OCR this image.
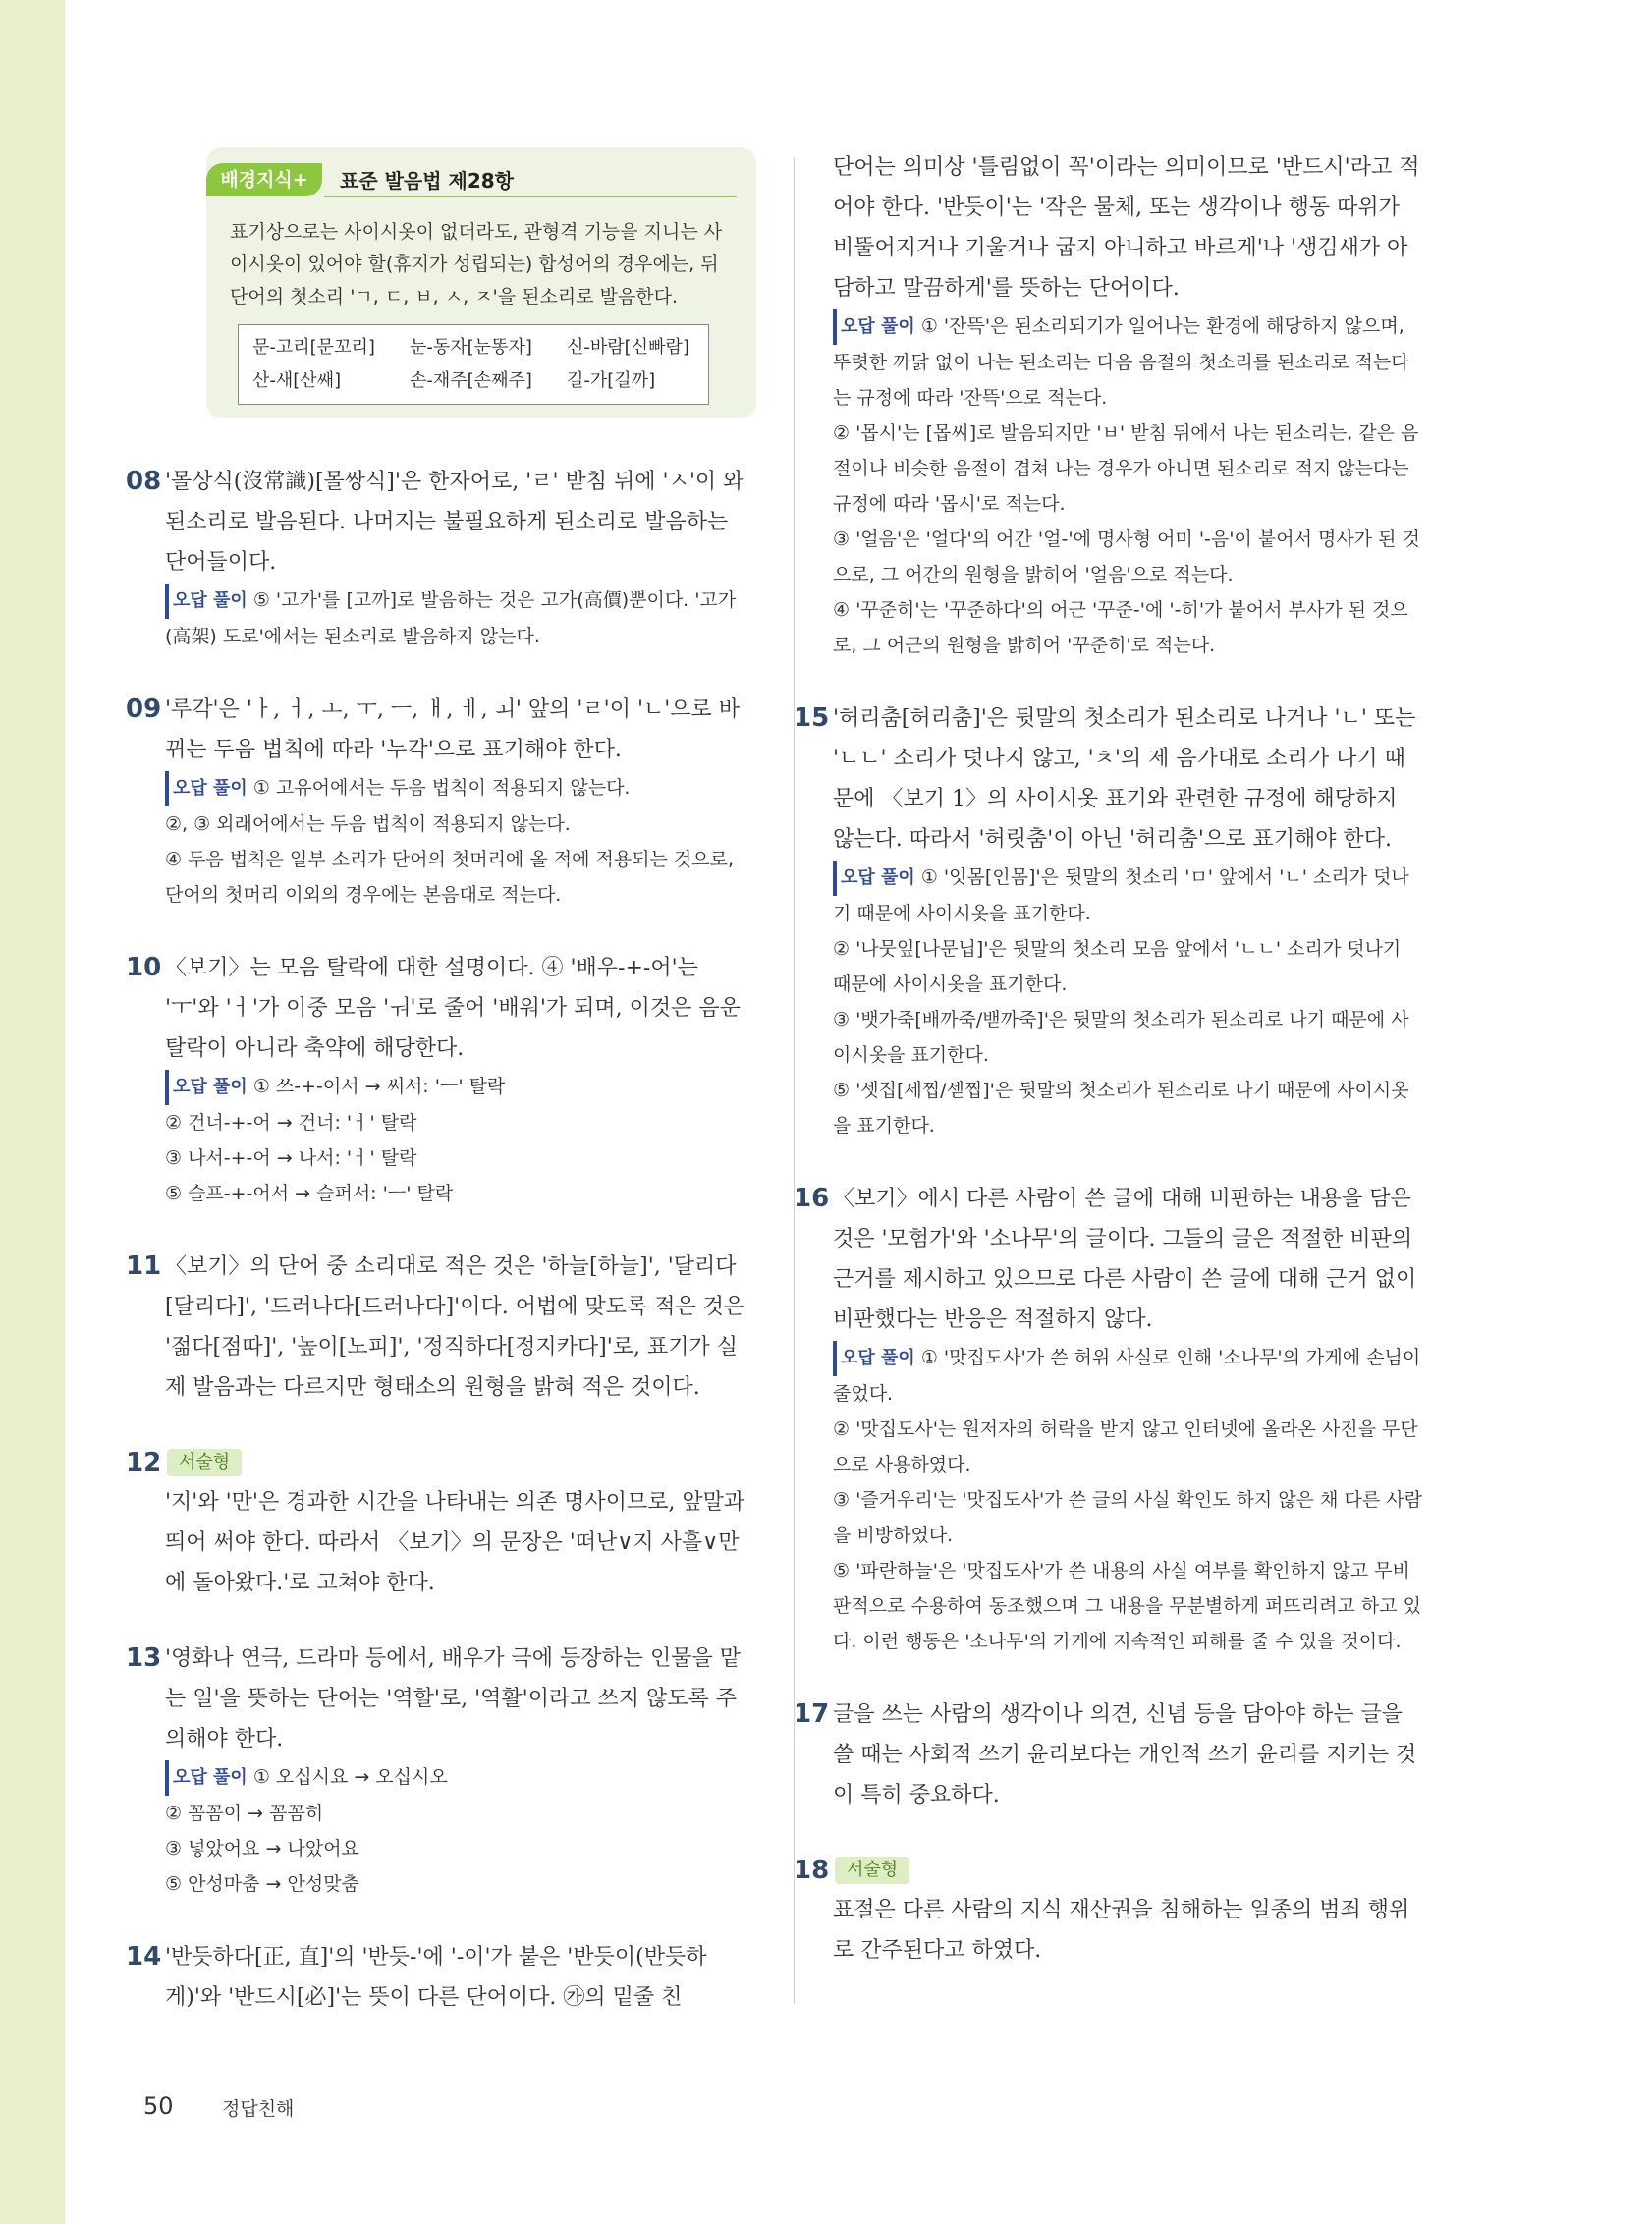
배경지식+	표준 발음법 제28항
표기상으로는 사이시옷이 없더라도, 관형격 기능을 지니는 사이시옷이 있어야 할(휴지가 성립되는) 합성어의 경우에는, 뒤 단어의 첫소리 'ㄱ, ㄷ, ㅂ, ㅅ, ㅈ'을 된소리로 발음한다.
문-고리[문꼬리]	눈-동자[눈똥자]	신-바람[신빠람]
산-새[산쌔]	손-재주[손째주]	길-가[길까]
08 '몰상식(沒常識)[몰쌍식]'은 한자어로, 'ㄹ' 받침 뒤에 'ㅅ'이 와 된소리로 발음된다. 나머지는 불필요하게 된소리로 발음하는 단어들이다.

오답 풀이 ⑤ '고가'를 [고까]로 발음하는 것은 고가(高價)뿐이다. '고가(高架) 도로'에서는 된소리로 발음하지 않는다.

09 '루각'은 'ㅏ, ㅓ, ㅗ, ㅜ, ㅡ, ㅐ, ㅔ, ㅚ' 앞의 'ㄹ'이 'ㄴ'으로 바뀌는 두음 법칙에 따라 '누각'으로 표기해야 한다.

오답 풀이 ① 고유어에서는 두음 법칙이 적용되지 않는다.

②, ③ 외래어에서는 두음 법칙이 적용되지 않는다.

④ 두음 법칙은 일부 소리가 단어의 첫머리에 올 적에 적용되는 것으로, 단어의 첫머리 이외의 경우에는 본음대로 적는다.

10 〈보기〉는 모음 탈락에 대한 설명이다. ④ '배우-+-어'는 'ㅜ'와 'ㅓ'가 이중 모음 'ㅝ'로 줄어 '배워'가 되며, 이것은 음운 탈락이 아니라 축약에 해당한다.

오답 풀이 ① 쓰-+-어서 → 써서: 'ㅡ' 탈락

② 건너-+-어 → 건너: 'ㅓ' 탈락

③ 나서-+-어 → 나서: 'ㅓ' 탈락

⑤ 슬프-+-어서 → 슬퍼서: 'ㅡ' 탈락

11 〈보기〉의 단어 중 소리대로 적은 것은 '하늘[하늘]', '달리다[달리다]', '드러나다[드러나다]'이다. 어법에 맞도록 적은 것은 '젊다[점따]', '높이[노피]', '정직하다[정지카다]'로, 표기가 실제 발음과는 다르지만 형태소의 원형을 밝혀 적은 것이다.

12 서술형

'지'와 '만'은 경과한 시간을 나타내는 의존 명사이므로, 앞말과 띄어 써야 한다. 따라서 〈보기〉의 문장은 '떠난∨지 사흘∨만에 돌아왔다.'로 고쳐야 한다.

13 '영화나 연극, 드라마 등에서, 배우가 극에 등장하는 인물을 맡는 일'을 뜻하는 단어는 '역할'로, '역활'이라고 쓰지 않도록 주의해야 한다.

오답 풀이 ① 오십시요 → 오십시오

② 꼼꼼이 → 꼼꼼히

③ 넣았어요 → 나았어요

⑤ 안성마춤 → 안성맞춤

14 '반듯하다[正, 直]'의 '반듯-'에 '-이'가 붙은 '반듯이(반듯하게)'와 '반드시[必]'는 뜻이 다른 단어이다. ㉮의 밑줄 친

단어는 의미상 '틀림없이 꼭'이라는 의미이므로 '반드시'라고 적어야 한다. '반듯이'는 '작은 물체, 또는 생각이나 행동 따위가 비뚤어지거나 기울거나 굽지 아니하고 바르게'나 '생김새가 아담하고 말끔하게'를 뜻하는 단어이다.

오답 풀이 ① '잔뜩'은 된소리되기가 일어나는 환경에 해당하지 않으며, 뚜렷한 까닭 없이 나는 된소리는 다음 음절의 첫소리를 된소리로 적는다는 규정에 따라 '잔뜩'으로 적는다.

② '몹시'는 [몹씨]로 발음되지만 'ㅂ' 받침 뒤에서 나는 된소리는, 같은 음절이나 비슷한 음절이 겹쳐 나는 경우가 아니면 된소리로 적지 않는다는 규정에 따라 '몹시'로 적는다.

③ '얼음'은 '얼다'의 어간 '얼-'에 명사형 어미 '-음'이 붙어서 명사가 된 것으로, 그 어간의 원형을 밝히어 '얼음'으로 적는다.

④ '꾸준히'는 '꾸준하다'의 어근 '꾸준-'에 '-히'가 붙어서 부사가 된 것으로, 그 어근의 원형을 밝히어 '꾸준히'로 적는다.

15 '허리춤[허리춤]'은 뒷말의 첫소리가 된소리로 나거나 'ㄴ' 또는 'ㄴㄴ' 소리가 덧나지 않고, 'ㅊ'의 제 음가대로 소리가 나기 때문에 〈보기 1〉의 사이시옷 표기와 관련한 규정에 해당하지 않는다. 따라서 '허릿춤'이 아닌 '허리춤'으로 표기해야 한다.

오답 풀이 ① '잇몸[인몸]'은 뒷말의 첫소리 'ㅁ' 앞에서 'ㄴ' 소리가 덧나기 때문에 사이시옷을 표기한다.

② '나뭇잎[나문닙]'은 뒷말의 첫소리 모음 앞에서 'ㄴㄴ' 소리가 덧나기 때문에 사이시옷을 표기한다.

③ '뱃가죽[배까죽/밷까죽]'은 뒷말의 첫소리가 된소리로 나기 때문에 사이시옷을 표기한다.

⑤ '셋집[세찝/섿찝]'은 뒷말의 첫소리가 된소리로 나기 때문에 사이시옷을 표기한다.

16 〈보기〉에서 다른 사람이 쓴 글에 대해 비판하는 내용을 담은 것은 '모험가'와 '소나무'의 글이다. 그들의 글은 적절한 비판의 근거를 제시하고 있으므로 다른 사람이 쓴 글에 대해 근거 없이 비판했다는 반응은 적절하지 않다.

오답 풀이 ① '맛집도사'가 쓴 허위 사실로 인해 '소나무'의 가게에 손님이 줄었다.

② '맛집도사'는 원저자의 허락을 받지 않고 인터넷에 올라온 사진을 무단으로 사용하였다.

③ '즐거우리'는 '맛집도사'가 쓴 글의 사실 확인도 하지 않은 채 다른 사람을 비방하였다.

⑤ '파란하늘'은 '맛집도사'가 쓴 내용의 사실 여부를 확인하지 않고 무비판적으로 수용하여 동조했으며 그 내용을 무분별하게 퍼뜨리려고 하고 있다. 이런 행동은 '소나무'의 가게에 지속적인 피해를 줄 수 있을 것이다.

17 글을 쓰는 사람의 생각이나 의견, 신념 등을 담아야 하는 글을 쓸 때는 사회적 쓰기 윤리보다는 개인적 쓰기 윤리를 지키는 것이 특히 중요하다.

18 서술형

표절은 다른 사람의 지식 재산권을 침해하는 일종의 범죄 행위로 간주된다고 하였다.

50	정답친해
